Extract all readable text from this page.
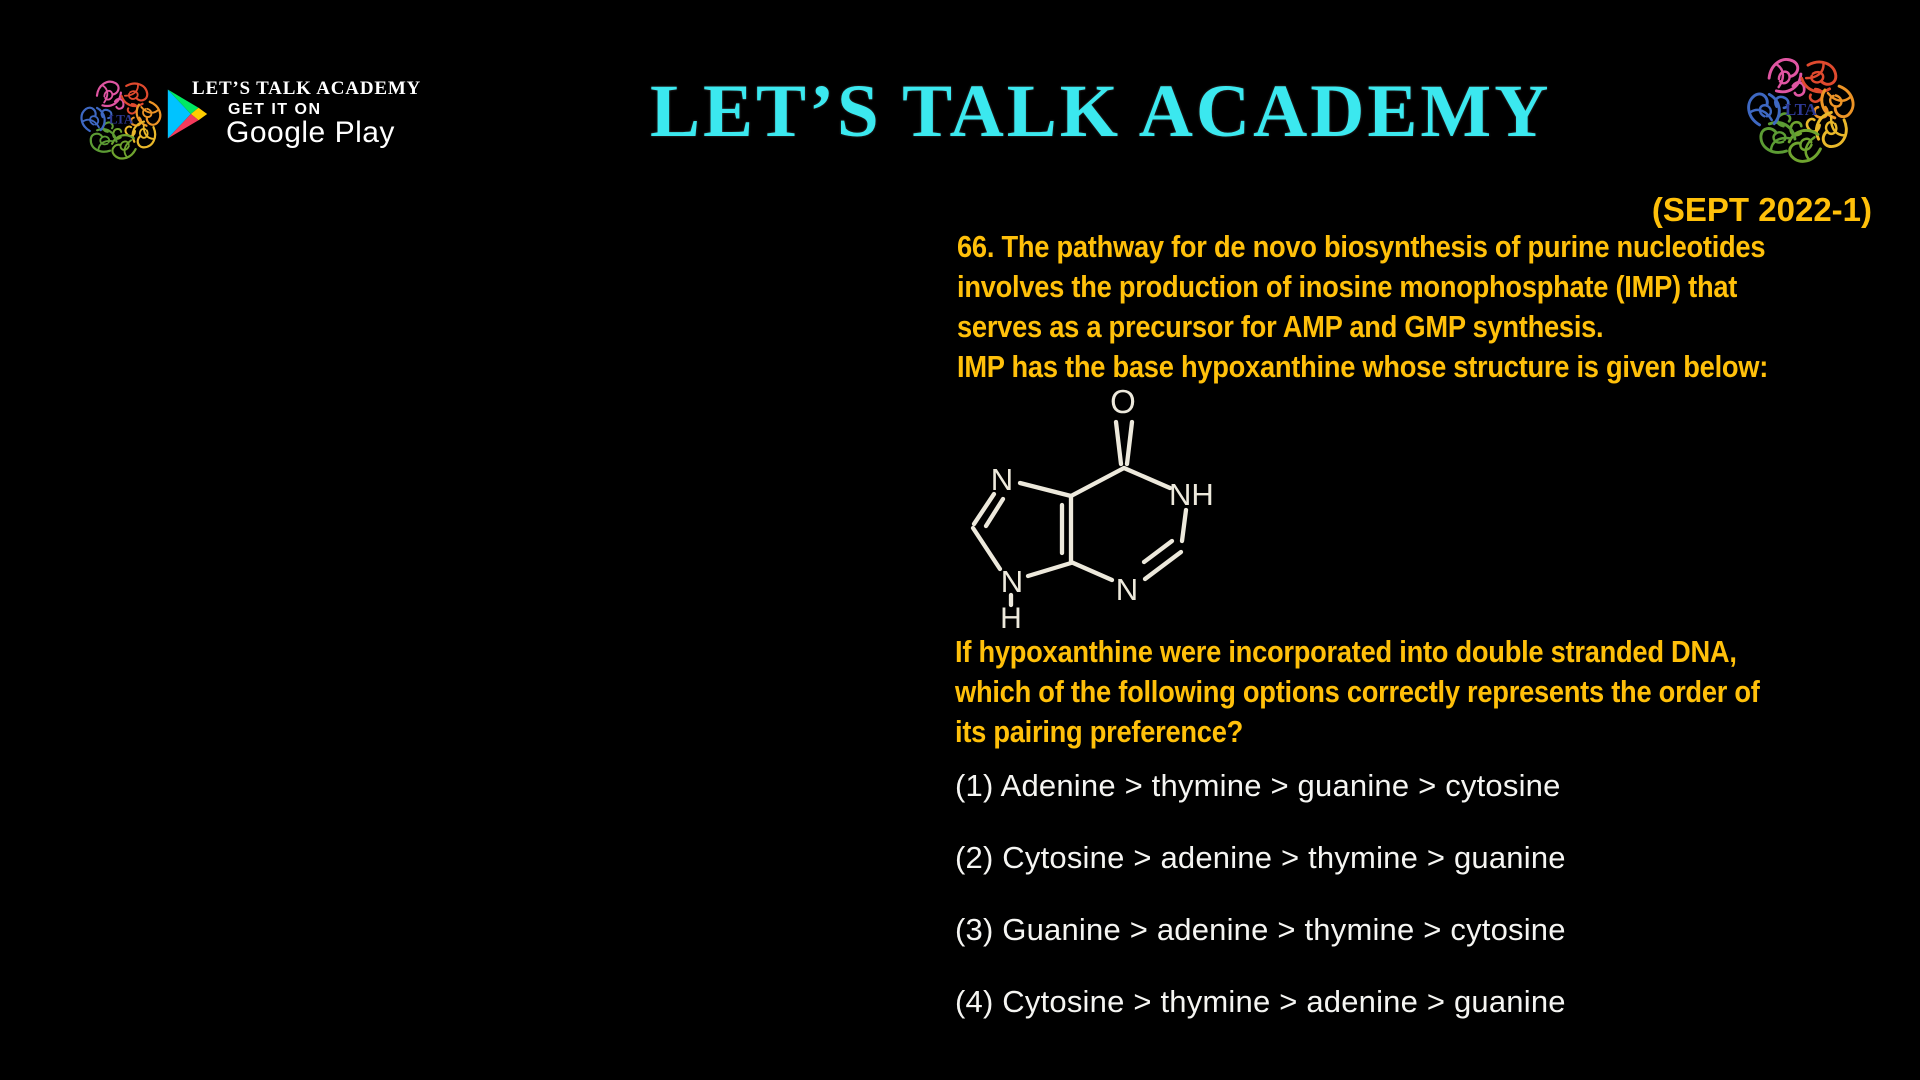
LTA
LET’S TALK ACADEMY
GET IT ON
Google Play	LET’S TALK ACADEMY	LTA
(SEPT 2022-1)
66. The pathway for de novo biosynthesis of purine nucleotides
involves the production of inosine monophosphate (IMP) that
serves as a precursor for AMP and GMP synthesis.
IMP has the base hypoxanthine whose structure is given below:
O
NH
N
N	N
H
If hypoxanthine were incorporated into double stranded DNA,
which of the following options correctly represents the order of
its pairing preference?
(1) Adenine > thymine > guanine > cytosine
(2) Cytosine > adenine > thymine > guanine
(3) Guanine > adenine > thymine > cytosine
(4) Cytosine > thymine > adenine > guanine
